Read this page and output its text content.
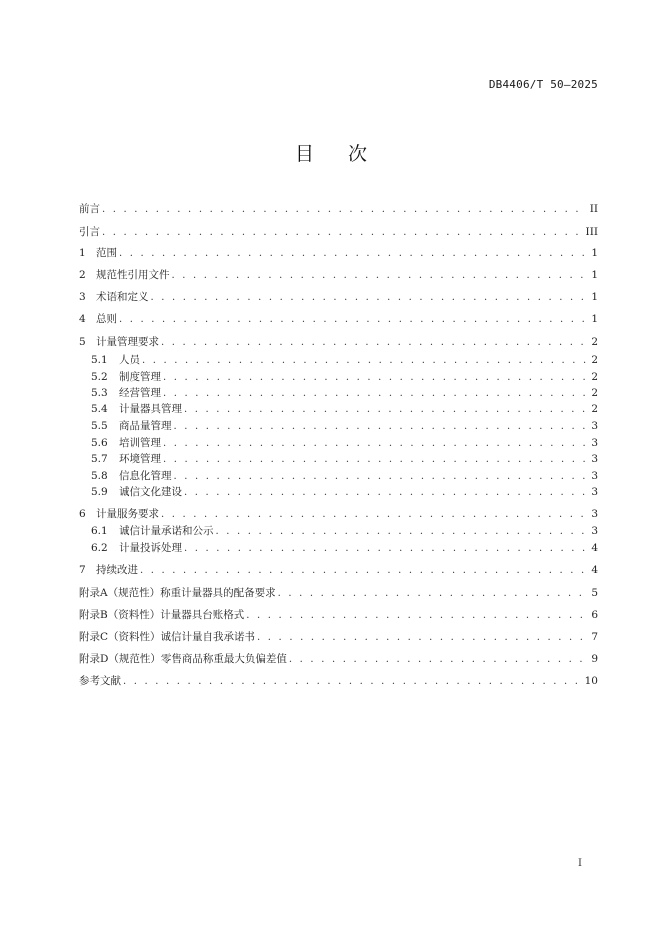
DB4406/T 50—2025
目次
前言 . . .	II
引言 . . .	III
1 范围 . . .	1
2 规范性引用文件 . . .	1
3 术语和定义 . . .	1
4 总则 . . .	1
5 计量管理要求 . . .	2
5.1 人员 . . .	2
5.2 制度管理 . . .	2
5.3 经营管理 . . .	2
5.4 计量器具管理 . . .	2
5.5 商品量管理 . . .	3
5.6 培训管理 . . .	3
5.7 环境管理 . . .	3
5.8 信息化管理 . . .	3
5.9 诚信文化建设 . . .	3
6 计量服务要求 . . .	3
6.1 诚信计量承诺和公示 . . .	3
6.2 计量投诉处理 . . .	4
7 持续改进 . . .	4
附录A（规范性）称重计量器具的配备要求 . . .	5
附录B（资料性）计量器具台账格式 . . .	6
附录C（资料性）诚信计量自我承诺书 . . .	7
附录D（规范性）零售商品称重最大负偏差值 . . .	9
参考文献 . . .	10
I
